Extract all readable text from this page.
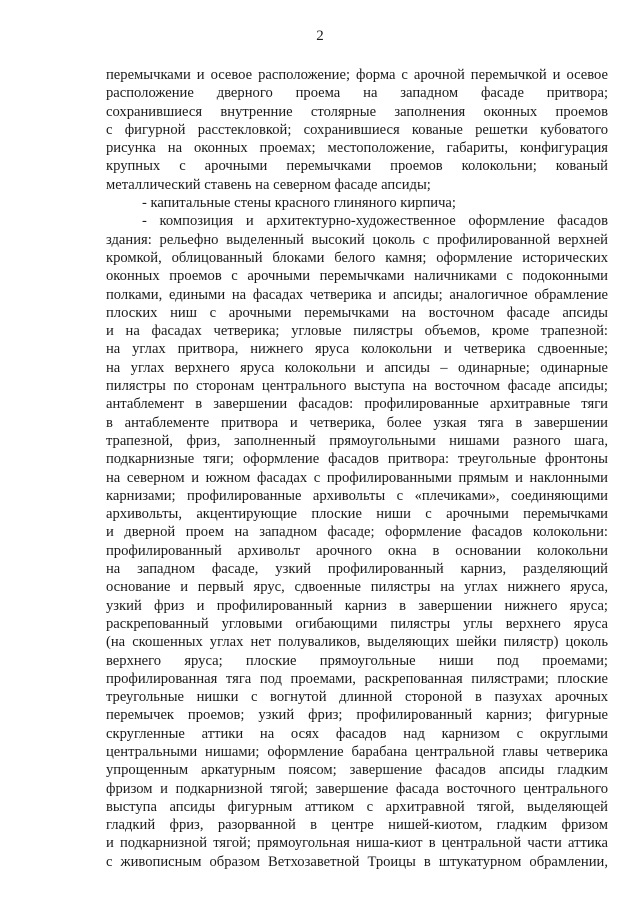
2
перемычками и осевое расположение; форма с арочной перемычкой и осевое
расположение дверного проема на западном фасаде притвора;
сохранившиеся внутренние столярные заполнения оконных проемов
с фигурной расстекловкой; сохранившиеся кованые решетки кубоватого
рисунка на оконных проемах; местоположение, габариты, конфигурация
крупных с арочными перемычками проемов колокольни; кованый
металлический ставень на северном фасаде апсиды;
- капитальные стены красного глиняного кирпича;
- композиция и архитектурно-художественное оформление фасадов
здания: рельефно выделенный высокий цоколь с профилированной верхней
кромкой, облицованный блоками белого камня; оформление исторических
оконных проемов с арочными перемычками наличниками с подоконными
полками, едиными на фасадах четверика и апсиды; аналогичное обрамление
плоских ниш с арочными перемычками на восточном фасаде апсиды
и на фасадах четверика; угловые пилястры объемов, кроме трапезной:
на углах притвора, нижнего яруса колокольни и четверика сдвоенные;
на углах верхнего яруса колокольни и апсиды – одинарные; одинарные
пилястры по сторонам центрального выступа на восточном фасаде апсиды;
антаблемент в завершении фасадов: профилированные архитравные тяги
в антаблементе притвора и четверика, более узкая тяга в завершении
трапезной, фриз, заполненный прямоугольными нишами разного шага,
подкарнизные тяги; оформление фасадов притвора: треугольные фронтоны
на северном и южном фасадах с профилированными прямым и наклонными
карнизами; профилированные архивольты с «плечиками», соединяющими
архивольты, акцентирующие плоские ниши с арочными перемычками
и дверной проем на западном фасаде; оформление фасадов колокольни:
профилированный архивольт арочного окна в основании колокольни
на западном фасаде, узкий профилированный карниз, разделяющий
основание и первый ярус, сдвоенные пилястры на углах нижнего яруса,
узкий фриз и профилированный карниз в завершении нижнего яруса;
раскрепованный угловыми огибающими пилястры углы верхнего яруса
(на скошенных углах нет полуваликов, выделяющих шейки пилястр) цоколь
верхнего яруса; плоские прямоугольные ниши под проемами;
профилированная тяга под проемами, раскрепованная пилястрами; плоские
треугольные нишки с вогнутой длинной стороной в пазухах арочных
перемычек проемов; узкий фриз; профилированный карниз; фигурные
скругленные аттики на осях фасадов над карнизом с округлыми
центральными нишами; оформление барабана центральной главы четверика
упрощенным аркатурным поясом; завершение фасадов апсиды гладким
фризом и подкарнизной тягой; завершение фасада восточного центрального
выступа апсиды фигурным аттиком с архитравной тягой, выделяющей
гладкий фриз, разорванной в центре нишей-киотом, гладким фризом
и подкарнизной тягой; прямоугольная ниша-киот в центральной части аттика
с живописным образом Ветхозаветной Троицы в штукатурном обрамлении,
